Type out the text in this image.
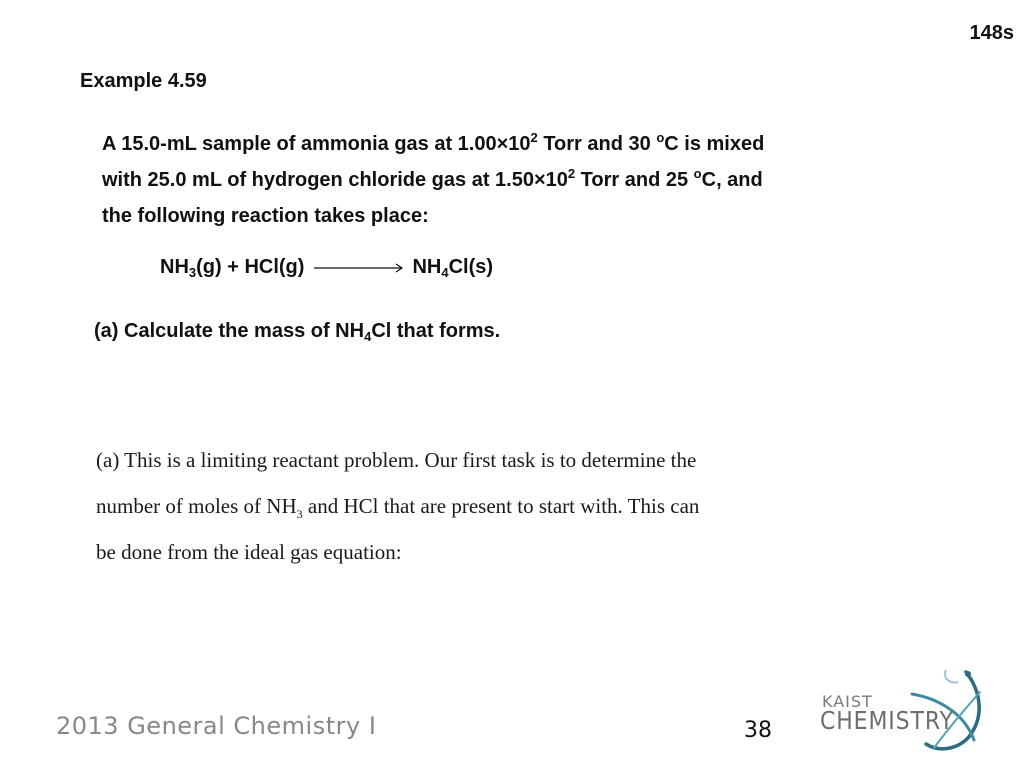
148s
Example 4.59
A 15.0-mL sample of ammonia gas at $1.00\times 10^2$ Torr and 30 $^o$C is mixed
with 25.0 mL of hydrogen chloride gas at $1.50\times 10^2$ Torr and 25 $^o$C, and
the following reaction takes place:
$NH_3(g) + HCl(g)$	$NH_4Cl(s)$
(a) Calculate the mass of $NH_4Cl$ that forms.
(a) This is a limiting reactant problem. Our first task is to determine the
number of moles of $NH_3$ and HCl that are present to start with. This can
be done from the ideal gas equation:
2013 General Chemistry I	38
KAIST
CHEMISTRY
